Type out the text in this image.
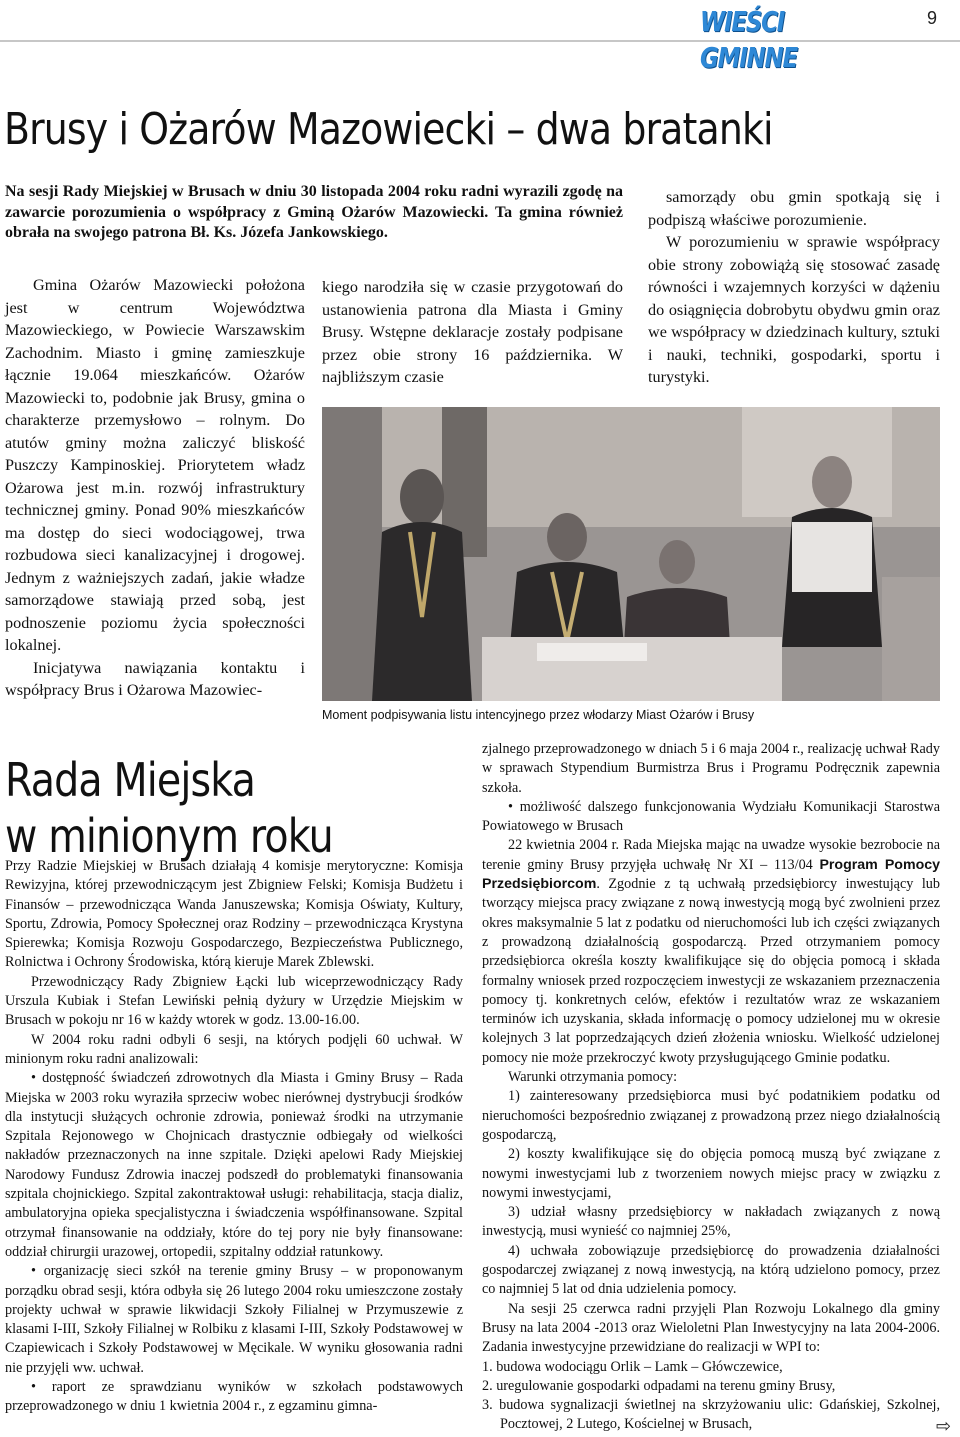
WIEŚCI GMINNE
9
Brusy i Ożarów Mazowiecki – dwa bratanki
Na sesji Rady Miejskiej w Brusach w dniu 30 listopada 2004 roku radni wyrazili zgodę na zawarcie porozumienia o współpracy z Gminą Ożarów Mazowiecki. Ta gmina również obrała na swojego patrona Bł. Ks. Józefa Jankowskiego.

Gmina Ożarów Mazowiecki położona jest w centrum Województwa Mazowieckiego, w Powiecie Warszawskim Zachodnim. Miasto i gminę zamieszkuje łącznie 19.064 mieszkańców. Ożarów Mazowiecki to, podobnie jak Brusy, gmina o charakterze przemysłowo – rolnym. Do atutów gminy można zaliczyć bliskość Puszczy Kampinoskiej. Priorytetem władz Ożarowa jest m.in. rozwój infrastruktury technicznej gminy. Ponad 90% mieszkańców ma dostęp do sieci wodociągowej, trwa rozbudowa sieci kanalizacyjnej i drogowej. Jednym z ważniejszych zadań, jakie władze samorządowe stawiają przed sobą, jest podnoszenie poziomu życia społeczności lokalnej.

Inicjatywa nawiązania kontaktu i współpracy Brus i Ożarowa Mazowiec-

kiego narodziła się w czasie przygotowań do ustanowienia patrona dla Miasta i Gminy Brusy. Wstępne deklaracje zostały podpisane przez obie strony 16 października. W najbliższym czasie

samorządy obu gmin spotkają się i podpiszą właściwe porozumienie.

W porozumieniu w sprawie współpracy obie strony zobowiążą się stosować zasadę równości i wzajemnych korzyści w dążeniu do osiągnięcia dobrobytu obydwu gmin oraz we współpracy w dziedzinach kultury, sztuki i nauki, techniki, gospodarki, sportu i turystyki.

Moment podpisywania listu intencyjnego przez włodarzy Miast Ożarów i Brusy
Rada Miejska
w minionym roku

Przy Radzie Miejskiej w Brusach działają 4 komisje merytoryczne: Komisja Rewizyjna, której przewodniczącym jest Zbigniew Felski; Komisja Budżetu i Finansów – przewodnicząca Wanda Januszewska; Komisja Oświaty, Kultury, Sportu, Zdrowia, Pomocy Społecznej oraz Rodziny – przewodnicząca Krystyna Spierewka; Komisja Rozwoju Gospodarczego, Bezpieczeństwa Publicznego, Rolnictwa i Ochrony Środowiska, którą kieruje Marek Zblewski.

Przewodniczący Rady Zbigniew Łącki lub wiceprzewodniczący Rady Urszula Kubiak i Stefan Lewiński pełnią dyżury w Urzędzie Miejskim w Brusach w pokoju nr 16 w każdy wtorek w godz. 13.00-16.00.

W 2004 roku radni odbyli 6 sesji, na których podjęli 60 uchwał. W minionym roku radni analizowali:

• dostępność świadczeń zdrowotnych dla Miasta i Gminy Brusy – Rada Miejska w 2003 roku wyraziła sprzeciw wobec nierównej dystrybucji środków dla instytucji służących ochronie zdrowia, ponieważ środki na utrzymanie Szpitala Rejonowego w Chojnicach drastycznie odbiegały od wielkości nakładów przeznaczonych na inne szpitale. Dzięki apelowi Rady Miejskiej Narodowy Fundusz Zdrowia inaczej podszedł do problematyki finansowania szpitala chojnickiego. Szpital zakontraktował usługi: rehabilitacja, stacja dializ, ambulatoryjna opieka specjalistyczna i świadczenia współfinansowane. Szpital otrzymał finansowanie na oddziały, które do tej pory nie były finansowane: oddział chirurgii urazowej, ortopedii, szpitalny oddział ratunkowy.

• organizację sieci szkół na terenie gminy Brusy – w proponowanym porządku obrad sesji, która odbyła się 26 lutego 2004 roku umieszczone zostały projekty uchwał w sprawie likwidacji Szkoły Filialnej w Przymuszewie z klasami I-III, Szkoły Filialnej w Rolbiku z klasami I-III, Szkoły Podstawowej w Czapiewicach i Szkoły Podstawowej w Męcikale. W wyniku głosowania radni nie przyjęli ww. uchwał.

• raport ze sprawdzianu wyników w szkołach podstawowych przeprowadzonego w dniu 1 kwietnia 2004 r., z egzaminu gimna-

zjalnego przeprowadzonego w dniach 5 i 6 maja 2004 r., realizację uchwał Rady w sprawach Stypendium Burmistrza Brus i Programu Podręcznik zapewnia szkoła.

• możliwość dalszego funkcjonowania Wydziału Komunikacji Starostwa Powiatowego w Brusach

22 kwietnia 2004 r. Rada Miejska mając na uwadze wysokie bezrobocie na terenie gminy Brusy przyjęła uchwałę Nr XI – 113/04 Program Pomocy Przedsiębiorcom. Zgodnie z tą uchwałą przedsiębiorcy inwestujący lub tworzący miejsca pracy związane z nową inwestycją mogą być zwolnieni przez okres maksymalnie 5 lat z podatku od nieruchomości lub ich części związanych z prowadzoną działalnością gospodarczą. Przed otrzymaniem pomocy przedsiębiorca określa koszty kwalifikujące się do objęcia pomocą i składa formalny wniosek przed rozpoczęciem inwestycji ze wskazaniem przeznaczenia pomocy tj. konkretnych celów, efektów i rezultatów wraz ze wskazaniem terminów ich uzyskania, składa informację o pomocy udzielonej mu w okresie kolejnych 3 lat poprzedzających dzień złożenia wniosku. Wielkość udzielonej pomocy nie może przekroczyć kwoty przysługującego Gminie podatku.

Warunki otrzymania pomocy:

1) zainteresowany przedsiębiorca musi być podatnikiem podatku od nieruchomości bezpośrednio związanej z prowadzoną przez niego działalnością gospodarczą,

2) koszty kwalifikujące się do objęcia pomocą muszą być związane z nowymi inwestycjami lub z tworzeniem nowych miejsc pracy w związku z nowymi inwestycjami,

3) udział własny przedsiębiorcy w nakładach związanych z nową inwestycją, musi wynieść co najmniej 25%,

4) uchwała zobowiązuje przedsiębiorcę do prowadzenia działalności gospodarczej związanej z nową inwestycją, na którą udzielono pomocy, przez co najmniej 5 lat od dnia udzielenia pomocy.

Na sesji 25 czerwca radni przyjęli Plan Rozwoju Lokalnego dla gminy Brusy na lata 2004 -2013 oraz Wieloletni Plan Inwestycyjny na lata 2004-2006. Zadania inwestycyjne przewidziane do realizacji w WPI to:

1. budowa wodociągu Orlik – Lamk – Główczewice,
2. uregulowanie gospodarki odpadami na terenu gminy Brusy,
3. budowa sygnalizacji świetlnej na skrzyżowaniu ulic: Gdańskiej, Szkolnej, Pocztowej, 2 Lutego, Kościelnej w Brusach,	⇨
